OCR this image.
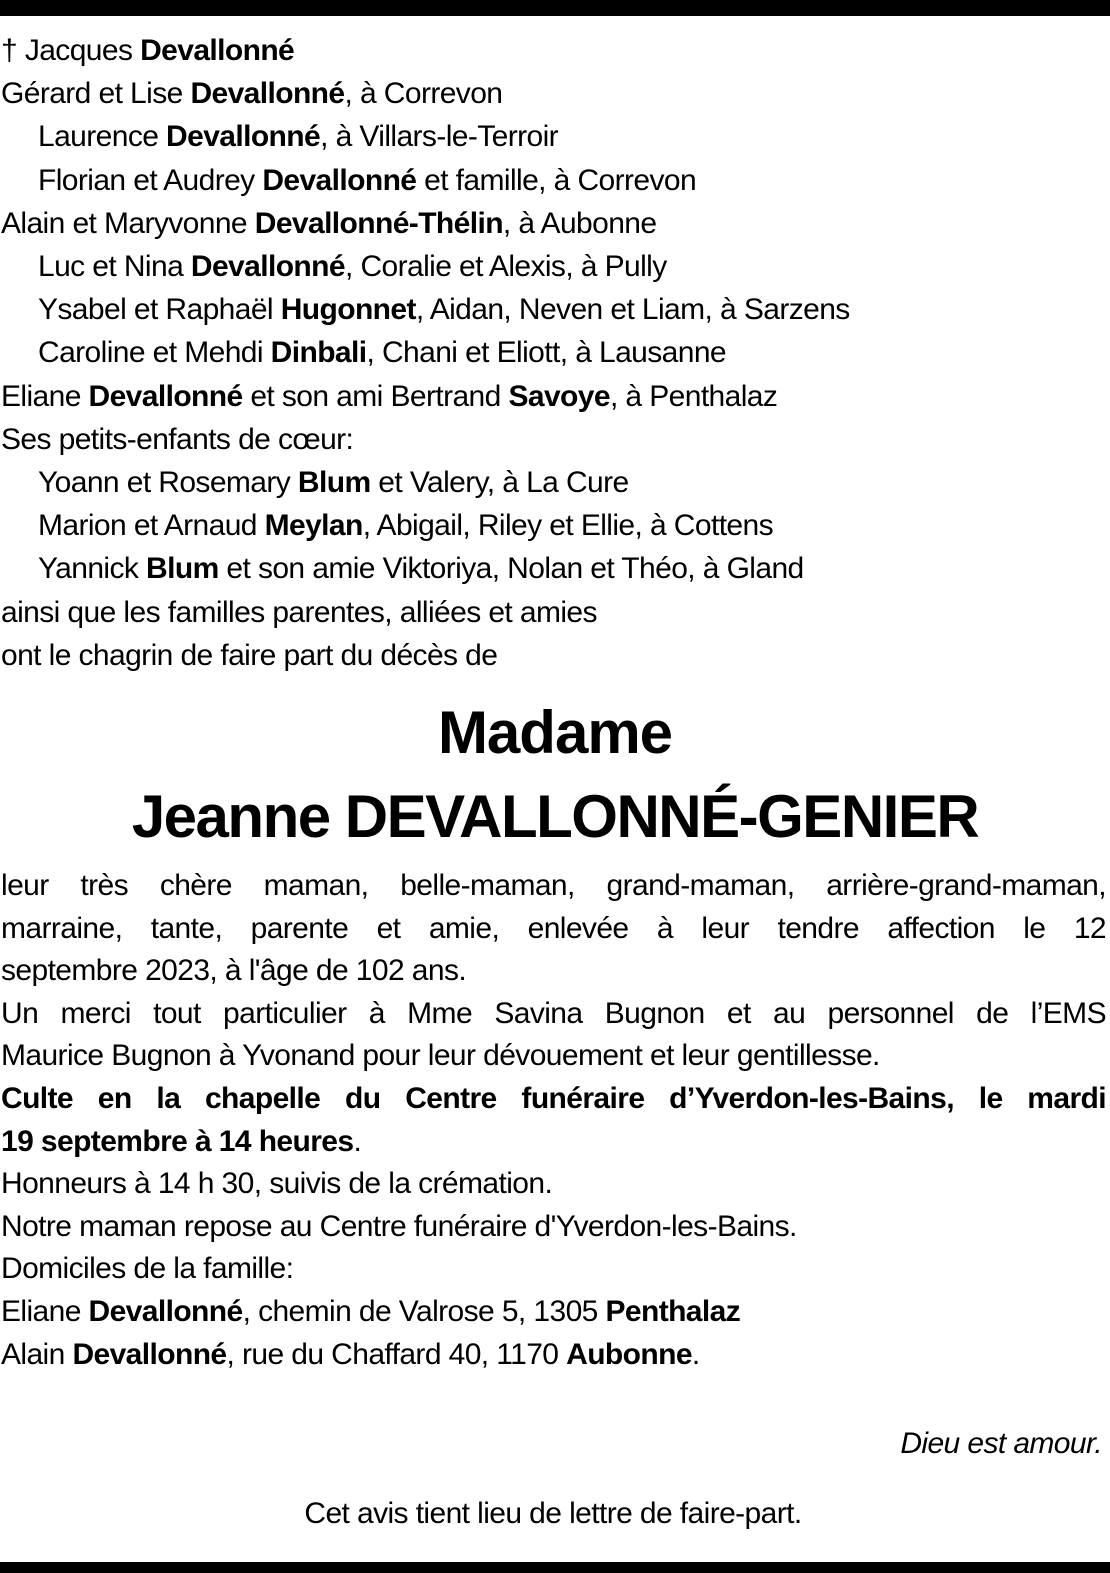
† Jacques Devallonné
Gérard et Lise Devallonné, à Correvon
Laurence Devallonné, à Villars-le-Terroir
Florian et Audrey Devallonné et famille, à Correvon
Alain et Maryvonne Devallonné-Thélin, à Aubonne
Luc et Nina Devallonné, Coralie et Alexis, à Pully
Ysabel et Raphaël Hugonnet, Aidan, Neven et Liam, à Sarzens
Caroline et Mehdi Dinbali, Chani et Eliott, à Lausanne
Eliane Devallonné et son ami Bertrand Savoye, à Penthalaz
Ses petits-enfants de cœur:
Yoann et Rosemary Blum et Valery, à La Cure
Marion et Arnaud Meylan, Abigail, Riley et Ellie, à Cottens
Yannick Blum et son amie Viktoriya, Nolan et Théo, à Gland
ainsi que les familles parentes, alliées et amies
ont le chagrin de faire part du décès de
Madame
Jeanne DEVALLONNÉ-GENIER

leur très chère maman, belle-maman, grand-maman, arrière-grand-maman,
marraine, tante, parente et amie, enlevée à leur tendre affection le 12
septembre 2023, à l'âge de 102 ans.

Un merci tout particulier à Mme Savina Bugnon et au personnel de l’EMS
Maurice Bugnon à Yvonand pour leur dévouement et leur gentillesse.

Culte en la chapelle du Centre funéraire d’Yverdon-les-Bains, le mardi
19 septembre à 14 heures.

Honneurs à 14 h 30, suivis de la crémation.

Notre maman repose au Centre funéraire d'Yverdon-les-Bains.

Domiciles de la famille:

Eliane Devallonné, chemin de Valrose 5, 1305 Penthalaz

Alain Devallonné, rue du Chaffard 40, 1170 Aubonne.

Dieu est amour.
Cet avis tient lieu de lettre de faire-part.
